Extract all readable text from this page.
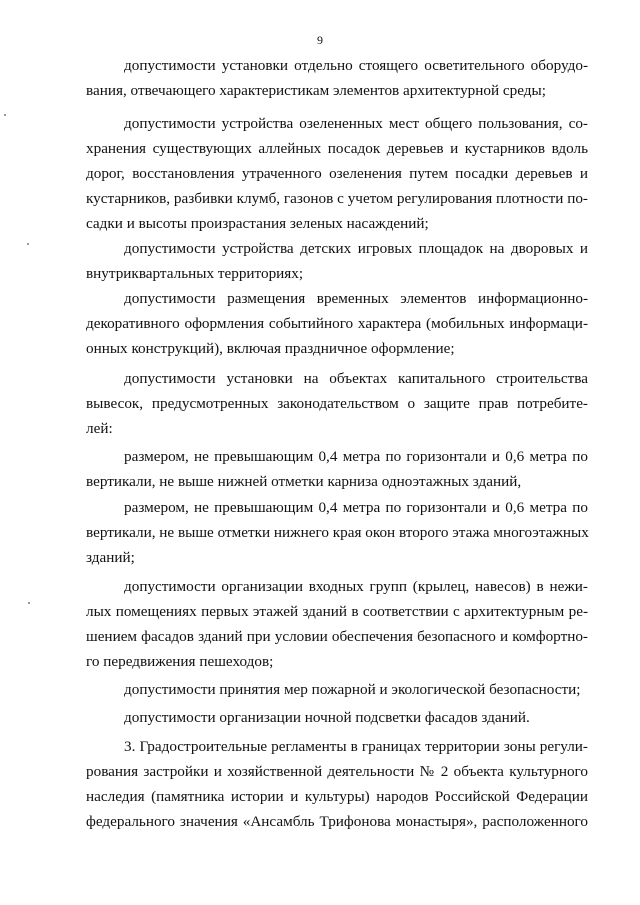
9
допустимости установки отдельно стоящего осветительного оборудо-
вания, отвечающего характеристикам элементов архитектурной среды;
допустимости устройства озелененных мест общего пользования, со-
хранения существующих аллейных посадок деревьев и кустарников вдоль
дорог, восстановления утраченного озеленения путем посадки деревьев и
кустарников, разбивки клумб, газонов с учетом регулирования плотности по-
садки и высоты произрастания зеленых насаждений;
допустимости устройства детских игровых площадок на дворовых и
внутриквартальных территориях;
допустимости размещения временных элементов информационно-
декоративного оформления событийного характера (мобильных информаци-
онных конструкций), включая праздничное оформление;
допустимости установки на объектах капитального строительства
вывесок, предусмотренных законодательством о защите прав потребите-
лей:
размером, не превышающим 0,4 метра по горизонтали и 0,6 метра по
вертикали, не выше нижней отметки карниза одноэтажных зданий,
размером, не превышающим 0,4 метра по горизонтали и 0,6 метра по
вертикали, не выше отметки нижнего края окон второго этажа многоэтажных
зданий;
допустимости организации входных групп (крылец, навесов) в нежи-
лых помещениях первых этажей зданий в соответствии с архитектурным ре-
шением фасадов зданий при условии обеспечения безопасного и комфортно-
го передвижения пешеходов;
допустимости принятия мер пожарной и экологической безопасности;
допустимости организации ночной подсветки фасадов зданий.
3. Градостроительные регламенты в границах территории зоны регули-
рования застройки и хозяйственной деятельности № 2 объекта культурного
наследия (памятника истории и культуры) народов Российской Федерации
федерального значения «Ансамбль Трифонова монастыря», расположенного
